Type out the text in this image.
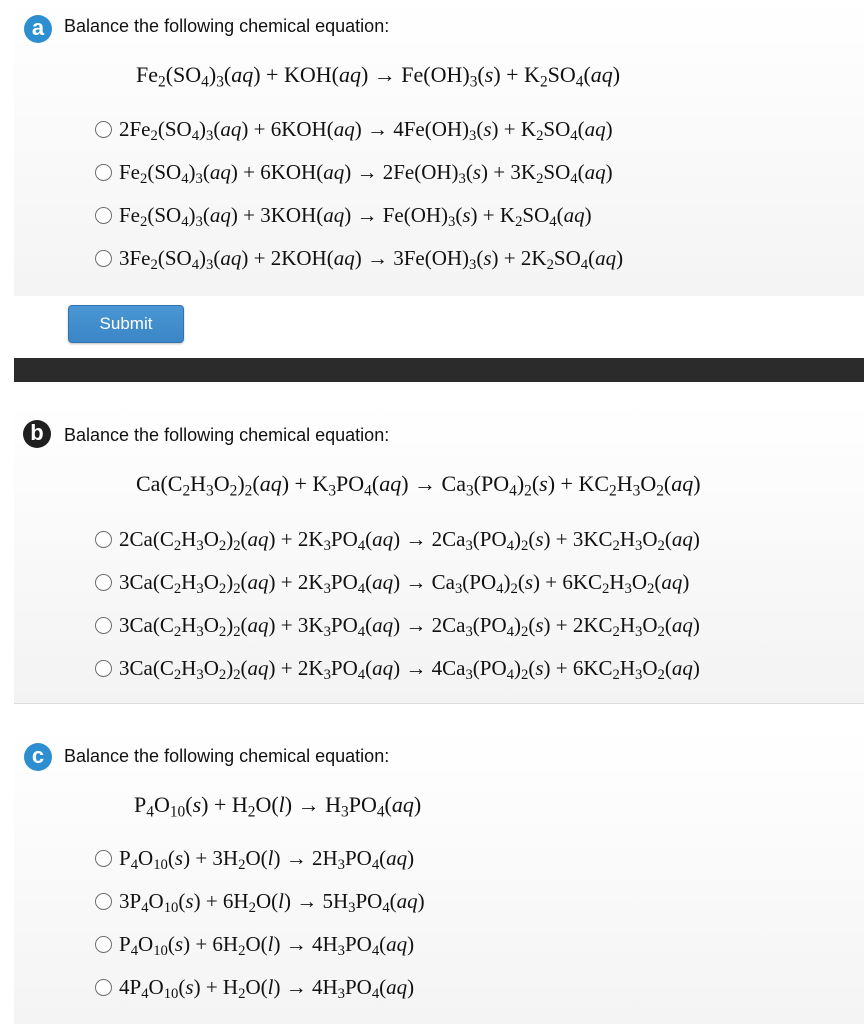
a	Balance the following chemical equation:
$Fe_2(SO_4)_3(aq) + KOH(aq) \to Fe(OH)_3(s) + K_2SO_4(aq)$
$2Fe_2(SO_4)_3(aq) + 6KOH(aq) \to 4Fe(OH)_3(s) + K_2SO_4(aq)$
$Fe_2(SO_4)_3(aq) + 6KOH(aq) \to 2Fe(OH)_3(s) + 3K_2SO_4(aq)$
$Fe_2(SO_4)_3(aq) + 3KOH(aq) \to Fe(OH)_3(s) + K_2SO_4(aq)$
$3Fe_2(SO_4)_3(aq) + 2KOH(aq) \to 3Fe(OH)_3(s) + 2K_2SO_4(aq)$
Submit
b	Balance the following chemical equation:
$Ca(C_2H_3O_2)_2(aq) + K_3PO_4(aq) \to Ca_3(PO_4)_2(s) + KC_2H_3O_2(aq)$
$2Ca(C_2H_3O_2)_2(aq) + 2K_3PO_4(aq) \to 2Ca_3(PO_4)_2(s) + 3KC_2H_3O_2(aq)$
$3Ca(C_2H_3O_2)_2(aq) + 2K_3PO_4(aq) \to Ca_3(PO_4)_2(s) + 6KC_2H_3O_2(aq)$
$3Ca(C_2H_3O_2)_2(aq) + 3K_3PO_4(aq) \to 2Ca_3(PO_4)_2(s) + 2KC_2H_3O_2(aq)$
$3Ca(C_2H_3O_2)_2(aq) + 2K_3PO_4(aq) \to 4Ca_3(PO_4)_2(s) + 6KC_2H_3O_2(aq)$
c	Balance the following chemical equation:
$P_4O_{10}(s) + H_2O(l) \to H_3PO_4(aq)$
$P_4O_{10}(s) + 3H_2O(l) \to 2H_3PO_4(aq)$
$3P_4O_{10}(s) + 6H_2O(l) \to 5H_3PO_4(aq)$
$P_4O_{10}(s) + 6H_2O(l) \to 4H_3PO_4(aq)$
$4P_4O_{10}(s) + H_2O(l) \to 4H_3PO_4(aq)$
